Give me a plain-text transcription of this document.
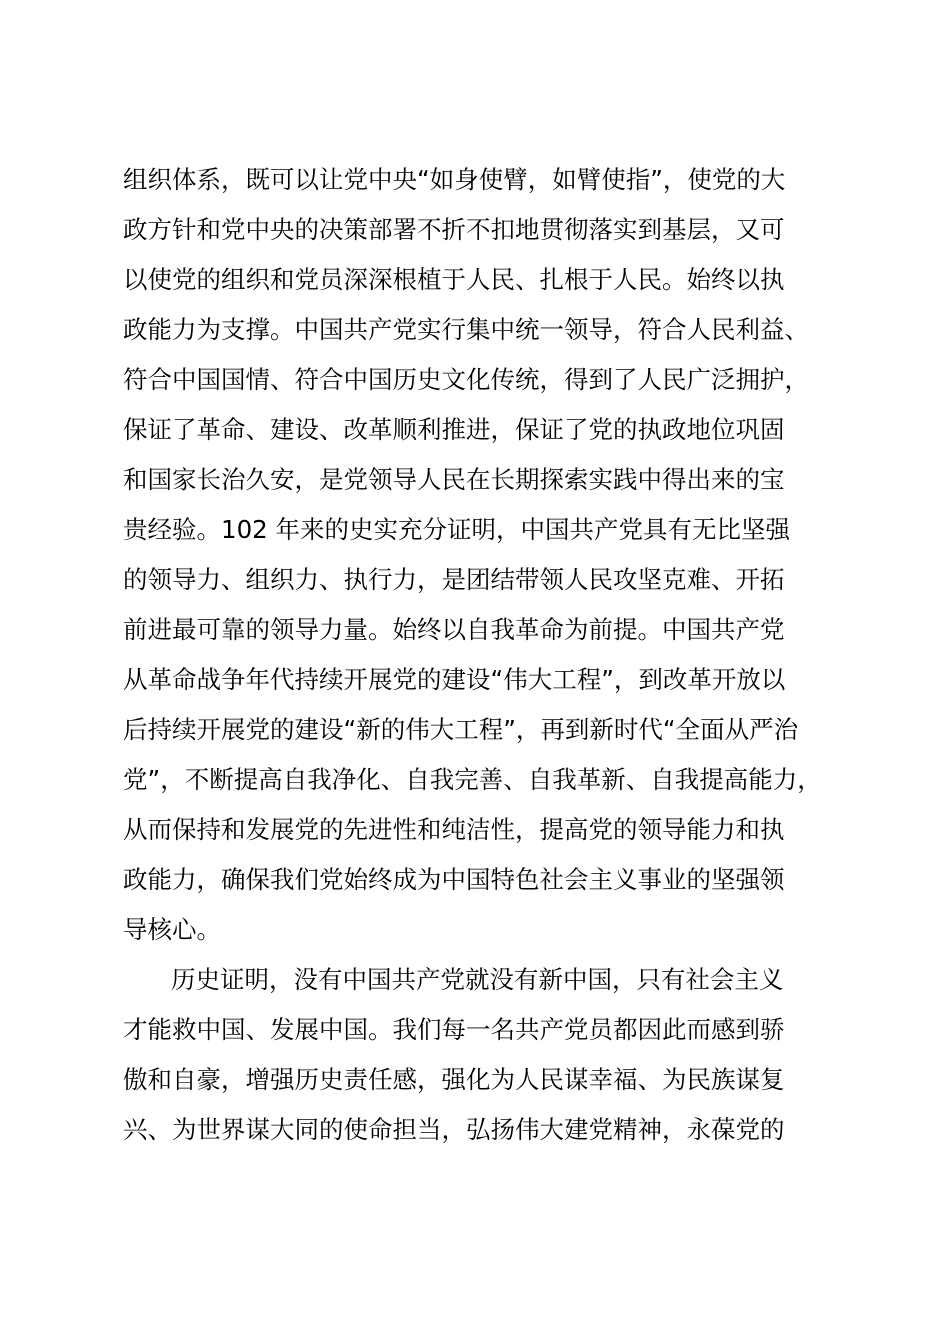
组织体系，既可以让党中央“如身使臂，如臂使指”，使党的大
政方针和党中央的决策部署不折不扣地贯彻落实到基层，又可
以使党的组织和党员深深根植于人民、扎根于人民。始终以执
政能力为支撑。中国共产党实行集中统一领导，符合人民利益、
符合中国国情、符合中国历史文化传统，得到了人民广泛拥护，
保证了革命、建设、改革顺利推进，保证了党的执政地位巩固
和国家长治久安，是党领导人民在长期探索实践中得出来的宝
贵经验。102 年来的史实充分证明，中国共产党具有无比坚强
的领导力、组织力、执行力，是团结带领人民攻坚克难、开拓
前进最可靠的领导力量。始终以自我革命为前提。中国共产党
从革命战争年代持续开展党的建设“伟大工程”，到改革开放以
后持续开展党的建设“新的伟大工程”，再到新时代“全面从严治
党”，不断提高自我净化、自我完善、自我革新、自我提高能力，
从而保持和发展党的先进性和纯洁性，提高党的领导能力和执
政能力，确保我们党始终成为中国特色社会主义事业的坚强领
导核心。
历史证明，没有中国共产党就没有新中国，只有社会主义
才能救中国、发展中国。我们每一名共产党员都因此而感到骄
傲和自豪，增强历史责任感，强化为人民谋幸福、为民族谋复
兴、为世界谋大同的使命担当，弘扬伟大建党精神，永葆党的
